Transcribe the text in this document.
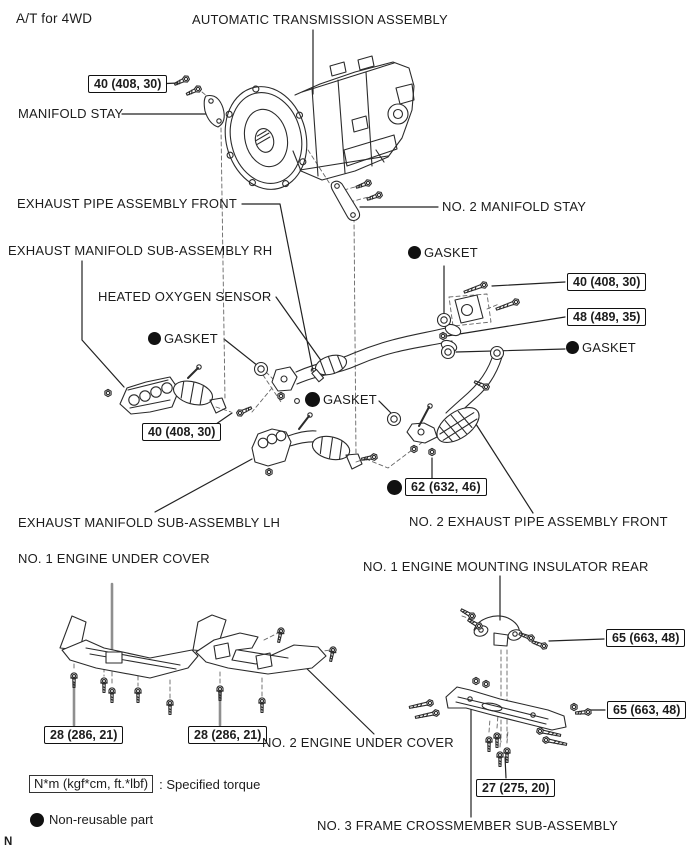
A/T for 4WD	AUTOMATIC TRANSMISSION ASSEMBLY
MANIFOLD STAY
EXHAUST PIPE ASSEMBLY FRONT	NO. 2 MANIFOLD STAY
EXHAUST MANIFOLD SUB-ASSEMBLY RH
HEATED OXYGEN SENSOR
GASKET
GASKET
GASKET
GASKET
40 (408, 30)
40 (408, 30)
48 (489, 35)
40 (408, 30)
62 (632, 46)
65 (663, 48)
65 (663, 48)
28 (286, 21)	28 (286, 21)
27 (275, 20)
EXHAUST MANIFOLD SUB-ASSEMBLY LH	NO. 2 EXHAUST PIPE ASSEMBLY FRONT
NO. 1 ENGINE UNDER COVER
NO. 1 ENGINE MOUNTING INSULATOR REAR
NO. 2 ENGINE UNDER COVER
NO. 3 FRAME CROSSMEMBER SUB-ASSEMBLY
N*m (kgf*cm, ft.*lbf) : Specified torque
Non-reusable part
N
